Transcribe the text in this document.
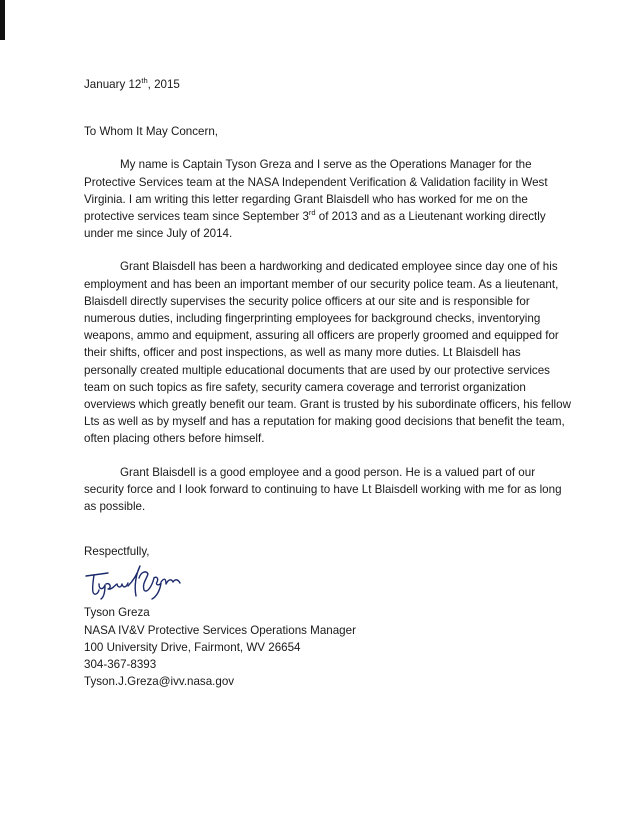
January 12th, 2015

To Whom It May Concern,

My name is Captain Tyson Greza and I serve as the Operations Manager for the Protective Services team at the NASA Independent Verification & Validation facility in West Virginia. I am writing this letter regarding Grant Blaisdell who has worked for me on the protective services team since September 3rd of 2013 and as a Lieutenant working directly under me since July of 2014.

Grant Blaisdell has been a hardworking and dedicated employee since day one of his employment and has been an important member of our security police team. As a lieutenant, Blaisdell directly supervises the security police officers at our site and is responsible for numerous duties, including fingerprinting employees for background checks, inventorying weapons, ammo and equipment, assuring all officers are properly groomed and equipped for their shifts, officer and post inspections, as well as many more duties. Lt Blaisdell has personally created multiple educational documents that are used by our protective services team on such topics as fire safety, security camera coverage and terrorist organization overviews which greatly benefit our team. Grant is trusted by his subordinate officers, his fellow Lts as well as by myself and has a reputation for making good decisions that benefit the team, often placing others before himself.

Grant Blaisdell is a good employee and a good person. He is a valued part of our security force and I look forward to continuing to have Lt Blaisdell working with me for as long as possible.

Respectfully,

Tyson Greza
NASA IV&V Protective Services Operations Manager
100 University Drive, Fairmont, WV 26654
304-367-8393
Tyson.J.Greza@ivv.nasa.gov
